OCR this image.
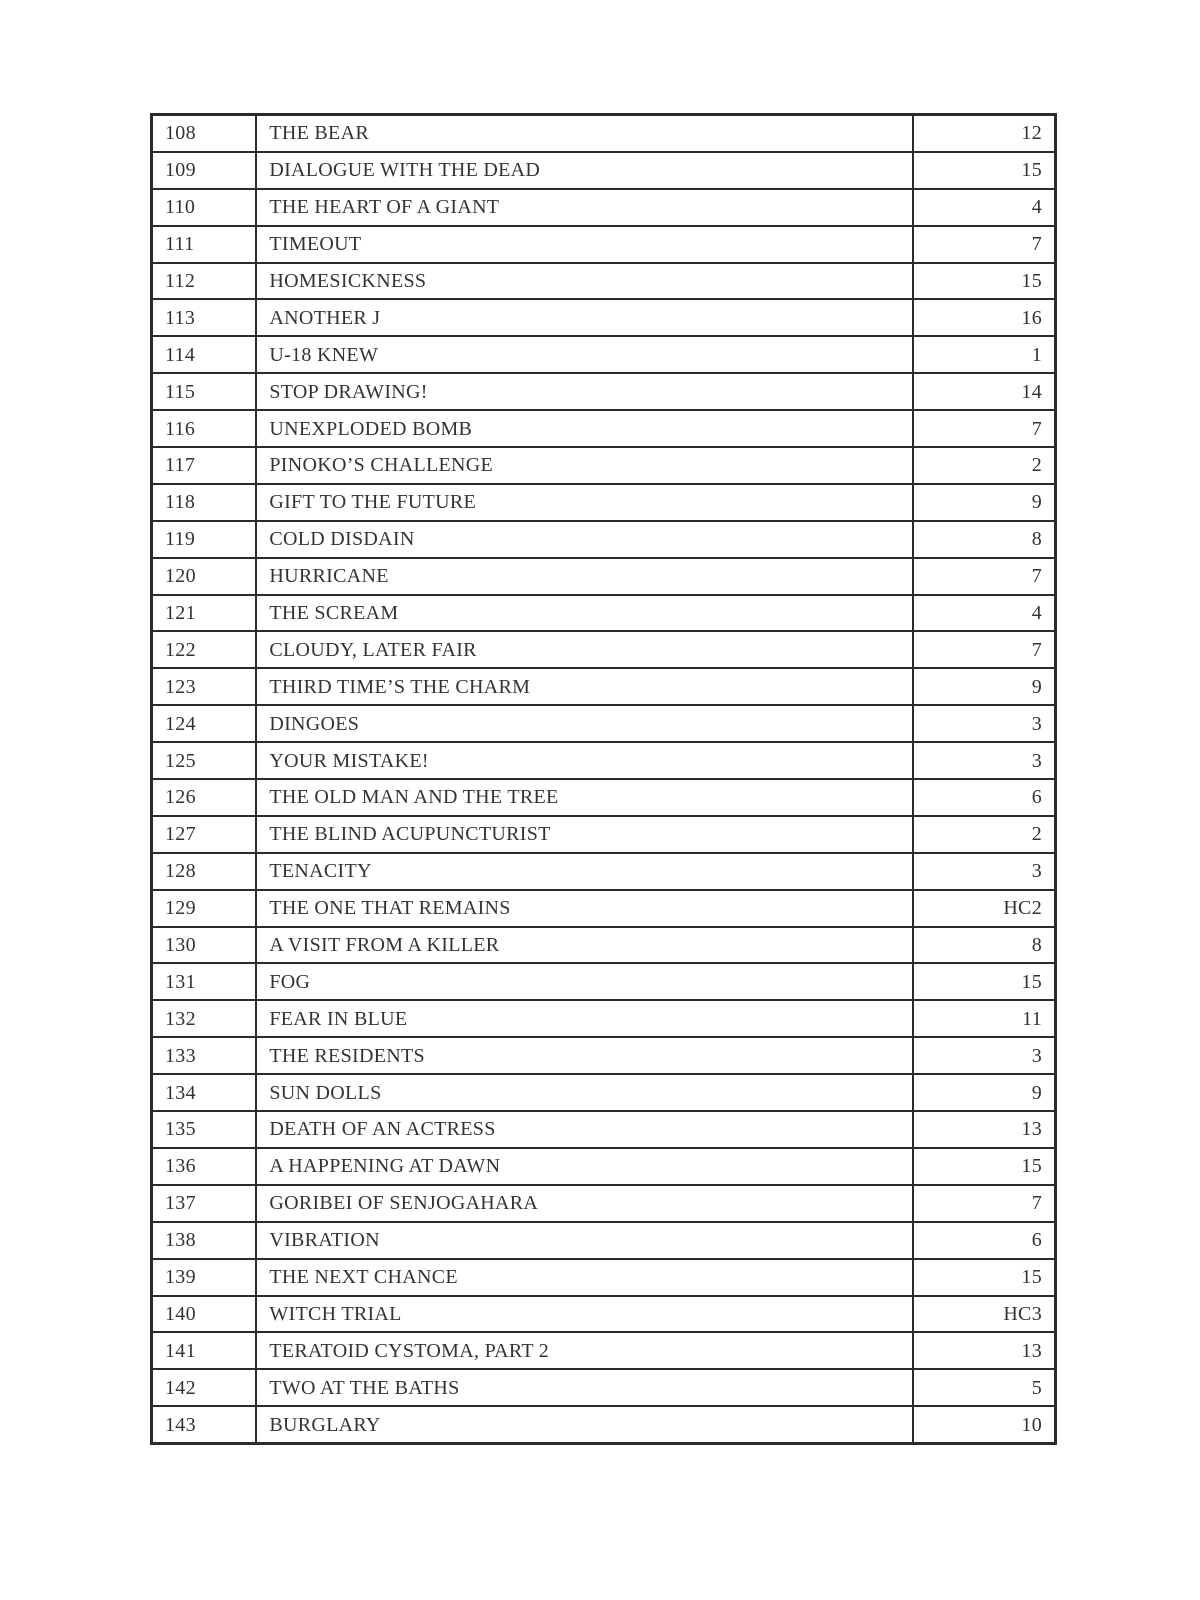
108	THE BEAR	12
109	DIALOGUE WITH THE DEAD	15
110	THE HEART OF A GIANT	4
111	TIMEOUT	7
112	HOMESICKNESS	15
113	ANOTHER J	16
114	U-18 KNEW	1
115	STOP DRAWING!	14
116	UNEXPLODED BOMB	7
117	PINOKO’S CHALLENGE	2
118	GIFT TO THE FUTURE	9
119	COLD DISDAIN	8
120	HURRICANE	7
121	THE SCREAM	4
122	CLOUDY, LATER FAIR	7
123	THIRD TIME’S THE CHARM	9
124	DINGOES	3
125	YOUR MISTAKE!	3
126	THE OLD MAN AND THE TREE	6
127	THE BLIND ACUPUNCTURIST	2
128	TENACITY	3
129	THE ONE THAT REMAINS	HC2
130	A VISIT FROM A KILLER	8
131	FOG	15
132	FEAR IN BLUE	11
133	THE RESIDENTS	3
134	SUN DOLLS	9
135	DEATH OF AN ACTRESS	13
136	A HAPPENING AT DAWN	15
137	GORIBEI OF SENJOGAHARA	7
138	VIBRATION	6
139	THE NEXT CHANCE	15
140	WITCH TRIAL	HC3
141	TERATOID CYSTOMA, PART 2	13
142	TWO AT THE BATHS	5
143	BURGLARY	10
